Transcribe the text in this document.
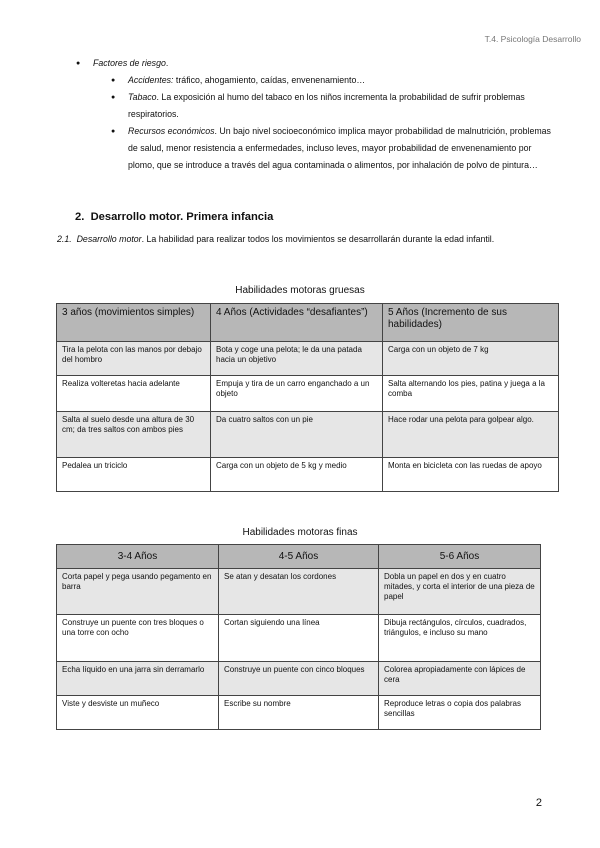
T.4. Psicología Desarrollo
● Factores de riesgo.
● Accidentes: tráfico, ahogamiento, caídas, envenenamiento…
● Tabaco. La exposición al humo del tabaco en los niños incrementa la probabilidad de sufrir problemas respiratorios.
● Recursos económicos. Un bajo nivel socioeconómico implica mayor probabilidad de malnutrición, problemas de salud, menor resistencia a enfermedades, incluso leves, mayor probabilidad de envenenamiento por plomo, que se introduce a través del agua contaminada o alimentos, por inhalación de polvo de pintura…
2. Desarrollo motor. Primera infancia
2.1. Desarrollo motor. La habilidad para realizar todos los movimientos se desarrollarán durante la edad infantil.
Habilidades motoras gruesas
3 años (movimientos simples)	4 Años (Actividades “desafiantes”)	5 Años (Incremento de sus habilidades)
Tira la pelota con las manos por debajo del hombro	Bota y coge una pelota; le da una patada hacia un objetivo	Carga con un objeto de 7 kg
Realiza volteretas hacia adelante	Empuja y tira de un carro enganchado a un objeto	Salta alternando los pies, patina y juega a la comba
Salta al suelo desde una altura de 30 cm; da tres saltos con ambos pies	Da cuatro saltos con un pie	Hace rodar una pelota para golpear algo.
Pedalea un triciclo	Carga con un objeto de 5 kg y medio	Monta en bicicleta con las ruedas de apoyo
Habilidades motoras finas
3-4 Años	4-5 Años	5-6 Años
Corta papel y pega usando pegamento en barra	Se atan y desatan los cordones	Dobla un papel en dos y en cuatro mitades, y corta el interior de una pieza de papel
Construye un puente con tres bloques o una torre con ocho	Cortan siguiendo una línea	Dibuja rectángulos, círculos, cuadrados, triángulos, e incluso su mano
Echa líquido en una jarra sin derramarlo	Construye un puente con cinco bloques	Colorea apropiadamente con lápices de cera
Viste y desviste un muñeco	Escribe su nombre	Reproduce letras o copia dos palabras sencillas
2
